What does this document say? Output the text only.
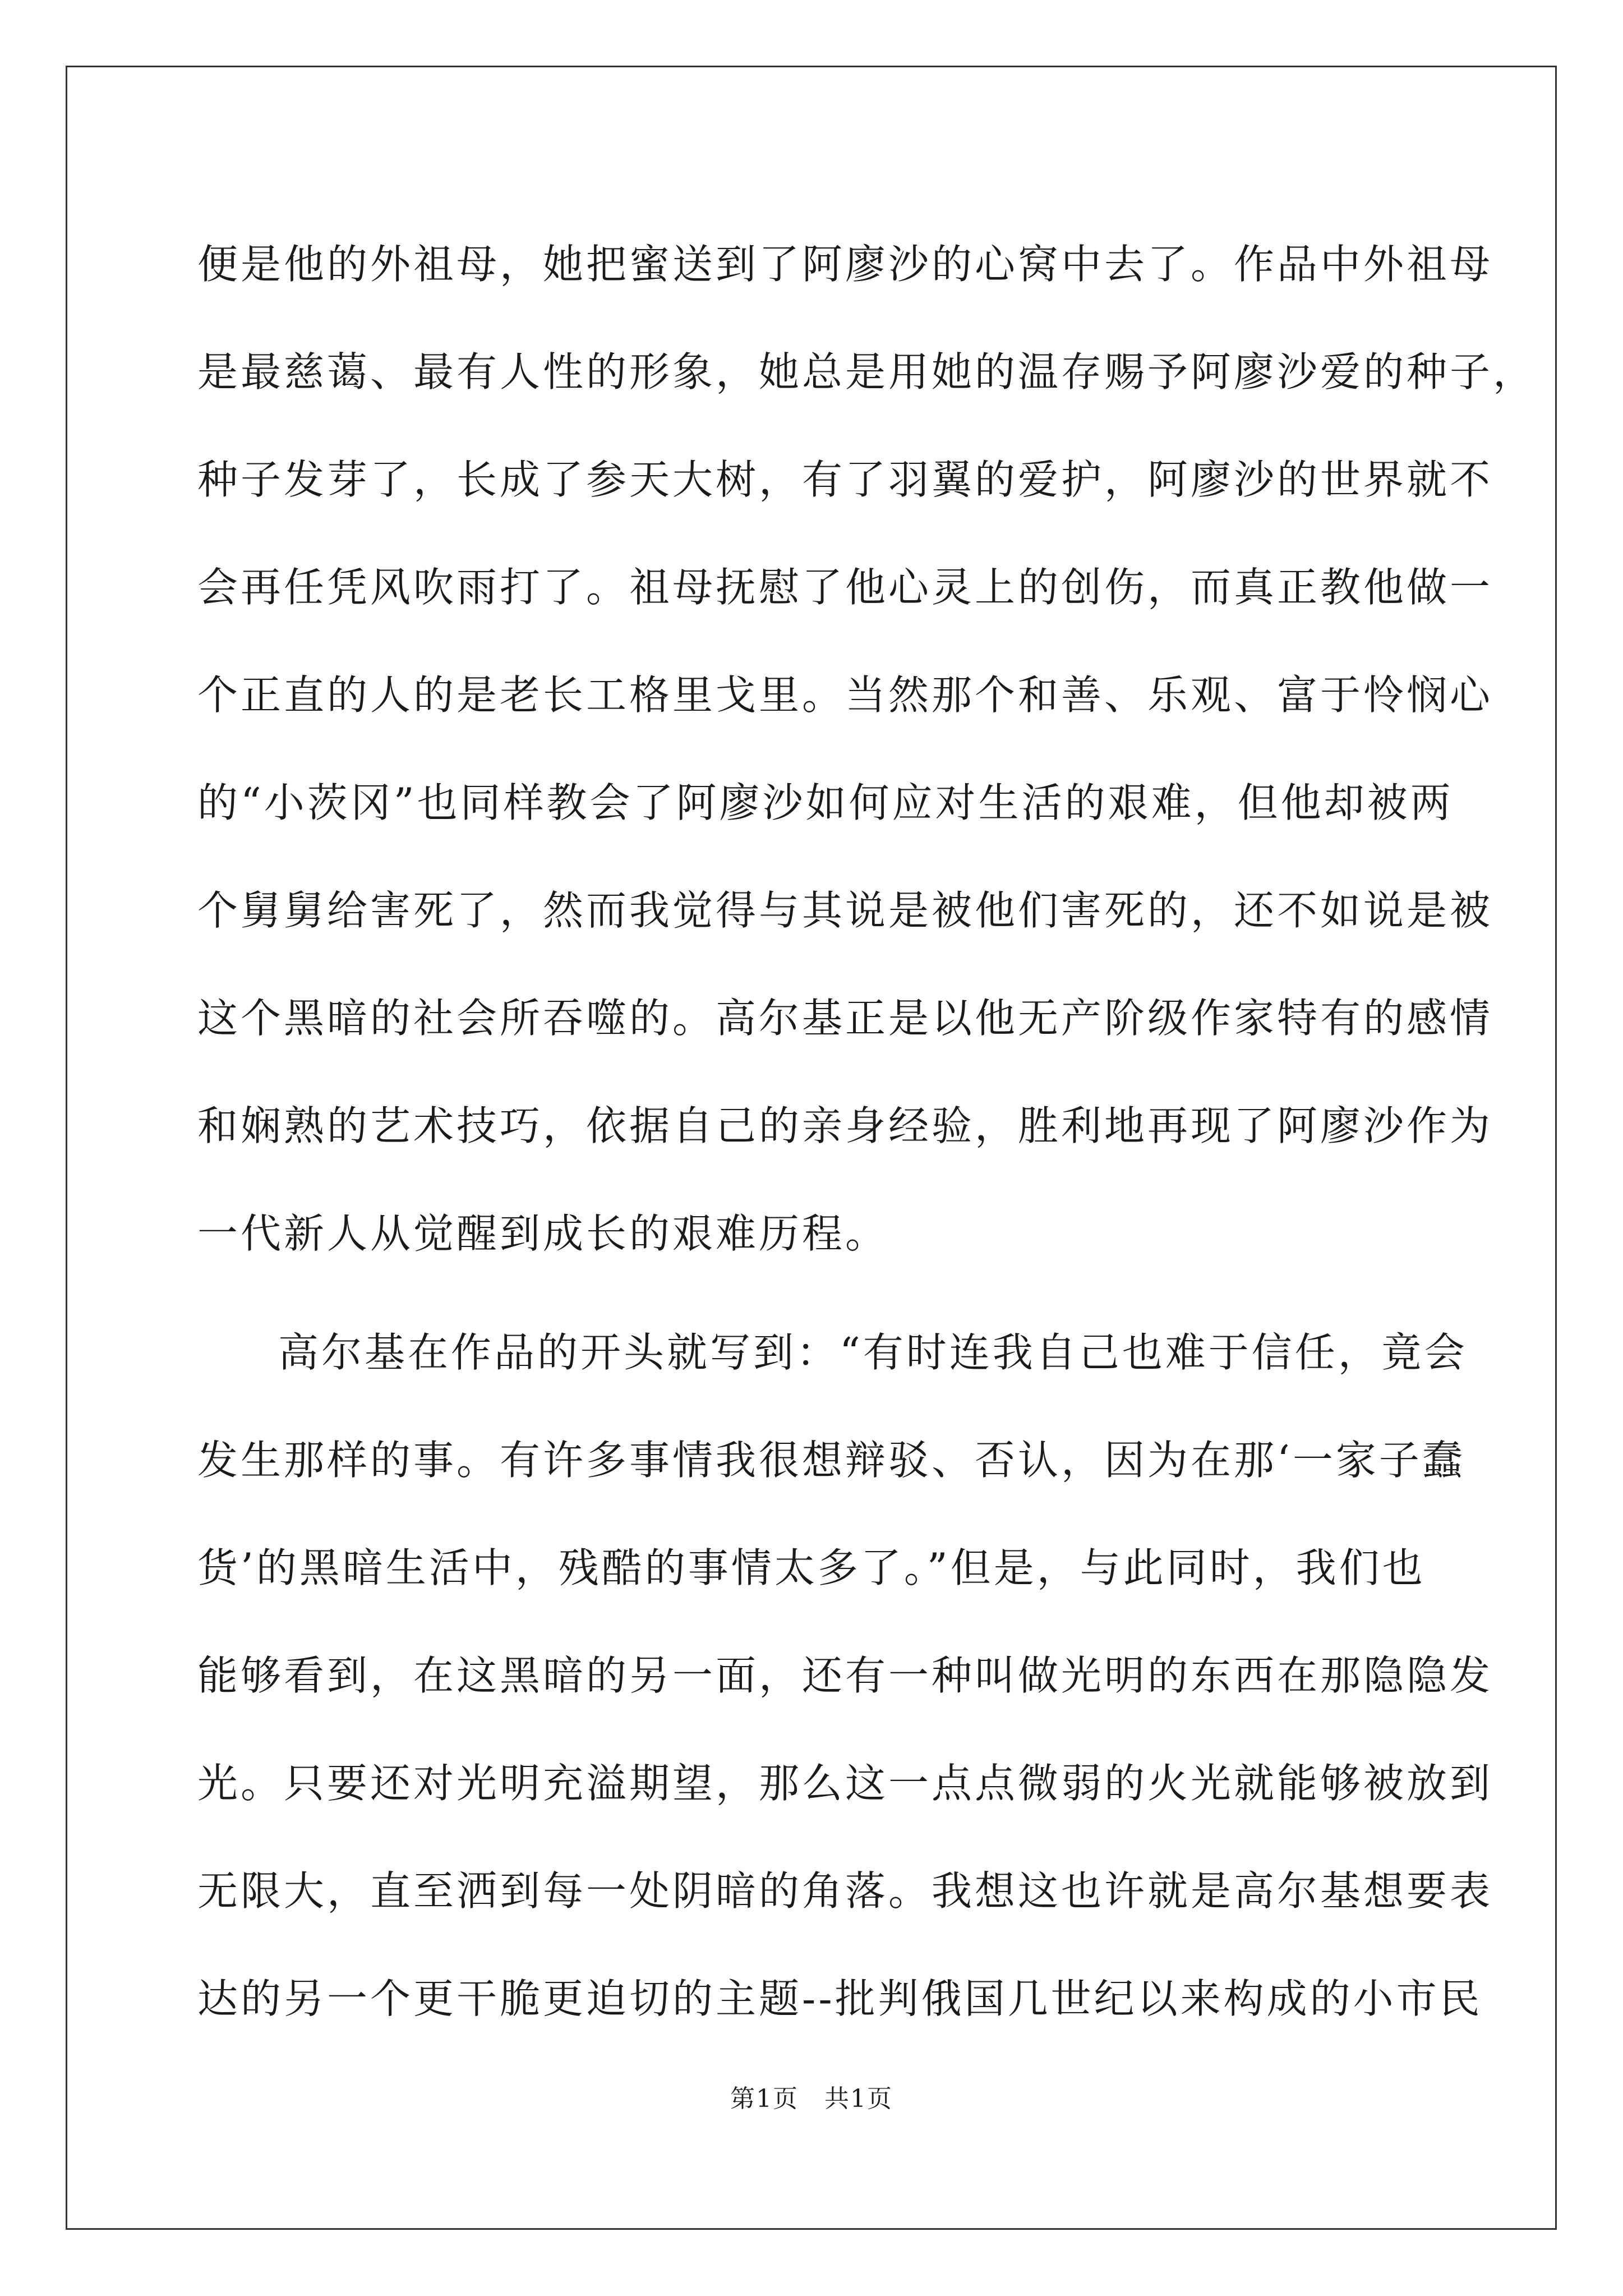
便是他的外祖母，她把蜜送到了阿廖沙的心窝中去了。作品中外祖母
是最慈蔼、最有人性的形象，她总是用她的温存赐予阿廖沙爱的种子，
种子发芽了，长成了参天大树，有了羽翼的爱护，阿廖沙的世界就不
会再任凭风吹雨打了。祖母抚慰了他心灵上的创伤，而真正教他做一
个正直的人的是老长工格里戈里。当然那个和善、乐观、富于怜悯心
的“小茨冈”也同样教会了阿廖沙如何应对生活的艰难，但他却被两
个舅舅给害死了，然而我觉得与其说是被他们害死的，还不如说是被
这个黑暗的社会所吞噬的。高尔基正是以他无产阶级作家特有的感情
和娴熟的艺术技巧，依据自己的亲身经验，胜利地再现了阿廖沙作为
一代新人从觉醒到成长的艰难历程。
高尔基在作品的开头就写到：“有时连我自己也难于信任，竟会
发生那样的事。有许多事情我很想辩驳、否认，因为在那‘一家子蠢
货’的黑暗生活中，残酷的事情太多了。”但是，与此同时，我们也
能够看到，在这黑暗的另一面，还有一种叫做光明的东西在那隐隐发
光。只要还对光明充溢期望，那么这一点点微弱的火光就能够被放到
无限大，直至洒到每一处阴暗的角落。我想这也许就是高尔基想要表
达的另一个更干脆更迫切的主题--批判俄国几世纪以来构成的小市民
第1页　共1页
